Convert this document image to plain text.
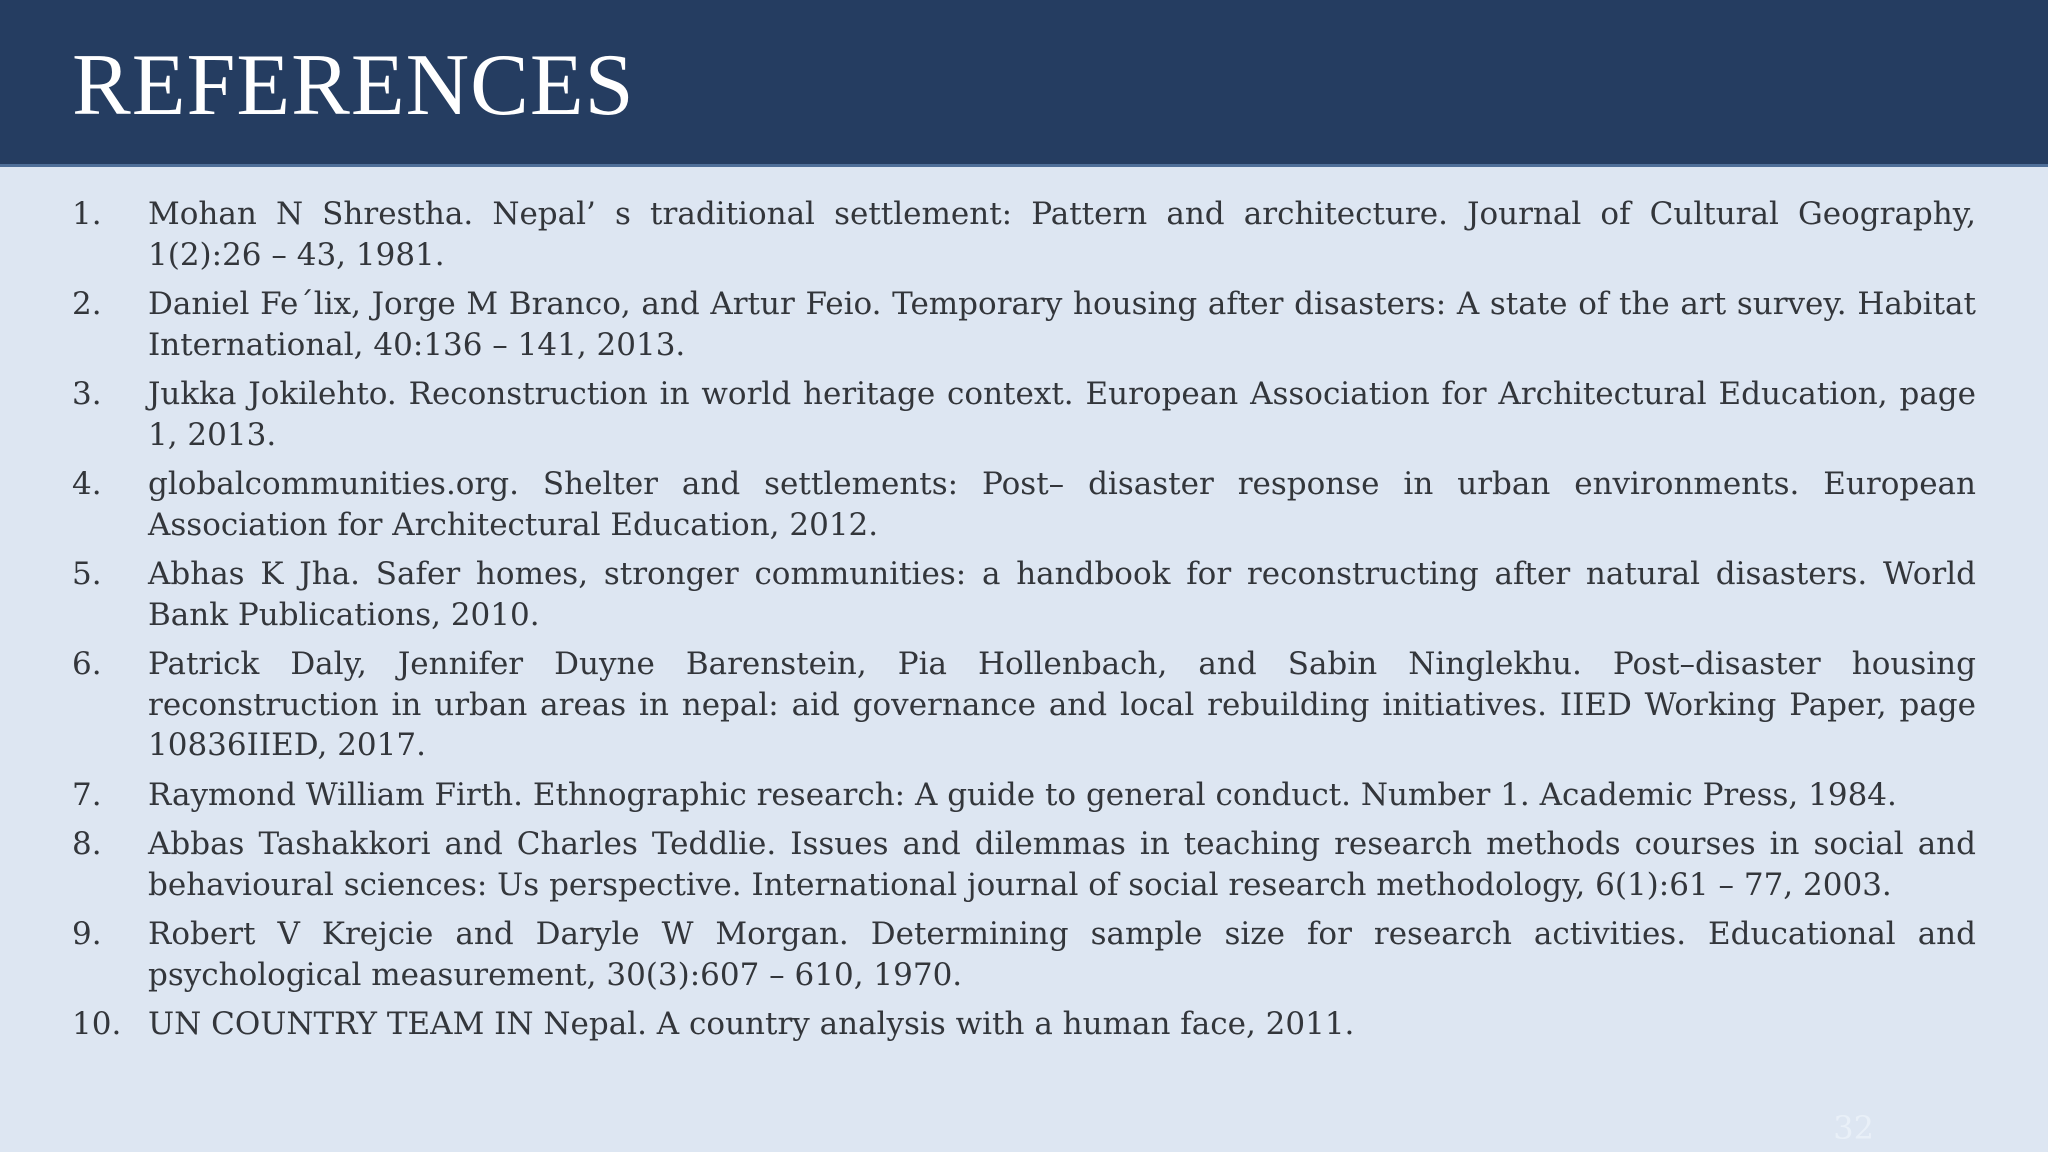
REFERENCES
1.	Mohan N Shrestha. Nepal’ s traditional settlement: Pattern and architecture. Journal of Cultural Geography, 1(2):26 – 43, 1981.
2.	Daniel Fe´lix, Jorge M Branco, and Artur Feio. Temporary housing after disasters: A state of the art survey. Habitat International, 40:136 – 141, 2013.
3.	Jukka Jokilehto. Reconstruction in world heritage context. European Association for Architectural Education, page 1, 2013.
4.	globalcommunities.org. Shelter and settlements: Post– disaster response in urban environments. European Association for Architectural Education, 2012.
5.	Abhas K Jha. Safer homes, stronger communities: a handbook for reconstructing after natural disasters. World Bank Publications, 2010.
6.	Patrick Daly, Jennifer Duyne Barenstein, Pia Hollenbach, and Sabin Ninglekhu. Post–disaster housing reconstruction in urban areas in nepal: aid governance and local rebuilding initiatives. IIED Working Paper, page 10836IIED, 2017.
7.	Raymond William Firth. Ethnographic research: A guide to general conduct. Number 1. Academic Press, 1984.
8.	Abbas Tashakkori and Charles Teddlie. Issues and dilemmas in teaching research methods courses in social and behavioural sciences: Us perspective. International journal of social research methodology, 6(1):61 – 77, 2003.
9.	Robert V Krejcie and Daryle W Morgan. Determining sample size for research activities. Educational and psychological measurement, 30(3):607 – 610, 1970.
10. UN COUNTRY TEAM IN Nepal. A country analysis with a human face, 2011.
32
